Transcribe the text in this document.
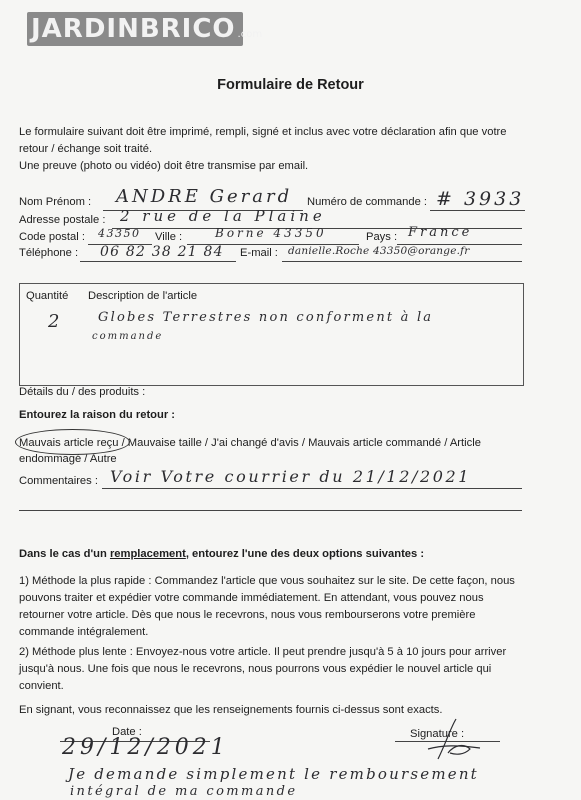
JARDINBRICO .com
Formulaire de Retour
Le formulaire suivant doit être imprimé, rempli, signé et inclus avec votre déclaration afin que votre
retour / échange soit traité.
Une preuve (photo ou vidéo) doit être transmise par email.
Nom Prénom : ANDRE Gerard Numéro de commande : # 3933
Adresse postale : 2 rue de la Plaine
Code postal : 43350 Ville :	Borne 43350	Pays : France
Téléphone : 06 82 38 21 84 E-mail : danielle.Roche 43350@orange.fr
Quantité Description de l'article
2	Globes Terrestres non conforment à la
commande
Détails du / des produits :
Entourez la raison du retour :
Mauvais article reçu / Mauvaise taille / J'ai changé d'avis / Mauvais article commandé / Article
endommagé / Autre
Commentaires : Voir Votre courrier du 21/12/2021
Dans le cas d'un remplacement, entourez l'une des deux options suivantes :
1) Méthode la plus rapide : Commandez l'article que vous souhaitez sur le site. De cette façon, nous
pouvons traiter et expédier votre commande immédiatement. En attendant, vous pouvez nous
retourner votre article. Dès que nous le recevrons, nous vous rembourserons votre première
commande intégralement.
2) Méthode plus lente : Envoyez-nous votre article. Il peut prendre jusqu'à 5 à 10 jours pour arriver
jusqu'à nous. Une fois que nous le recevrons, nous pourrons vous expédier le nouvel article qui
convient.
En signant, vous reconnaissez que les renseignements fournis ci-dessus sont exacts.
Date :
29/12/2021
Signature :
Je demande simplement le remboursement
intégral de ma commande
